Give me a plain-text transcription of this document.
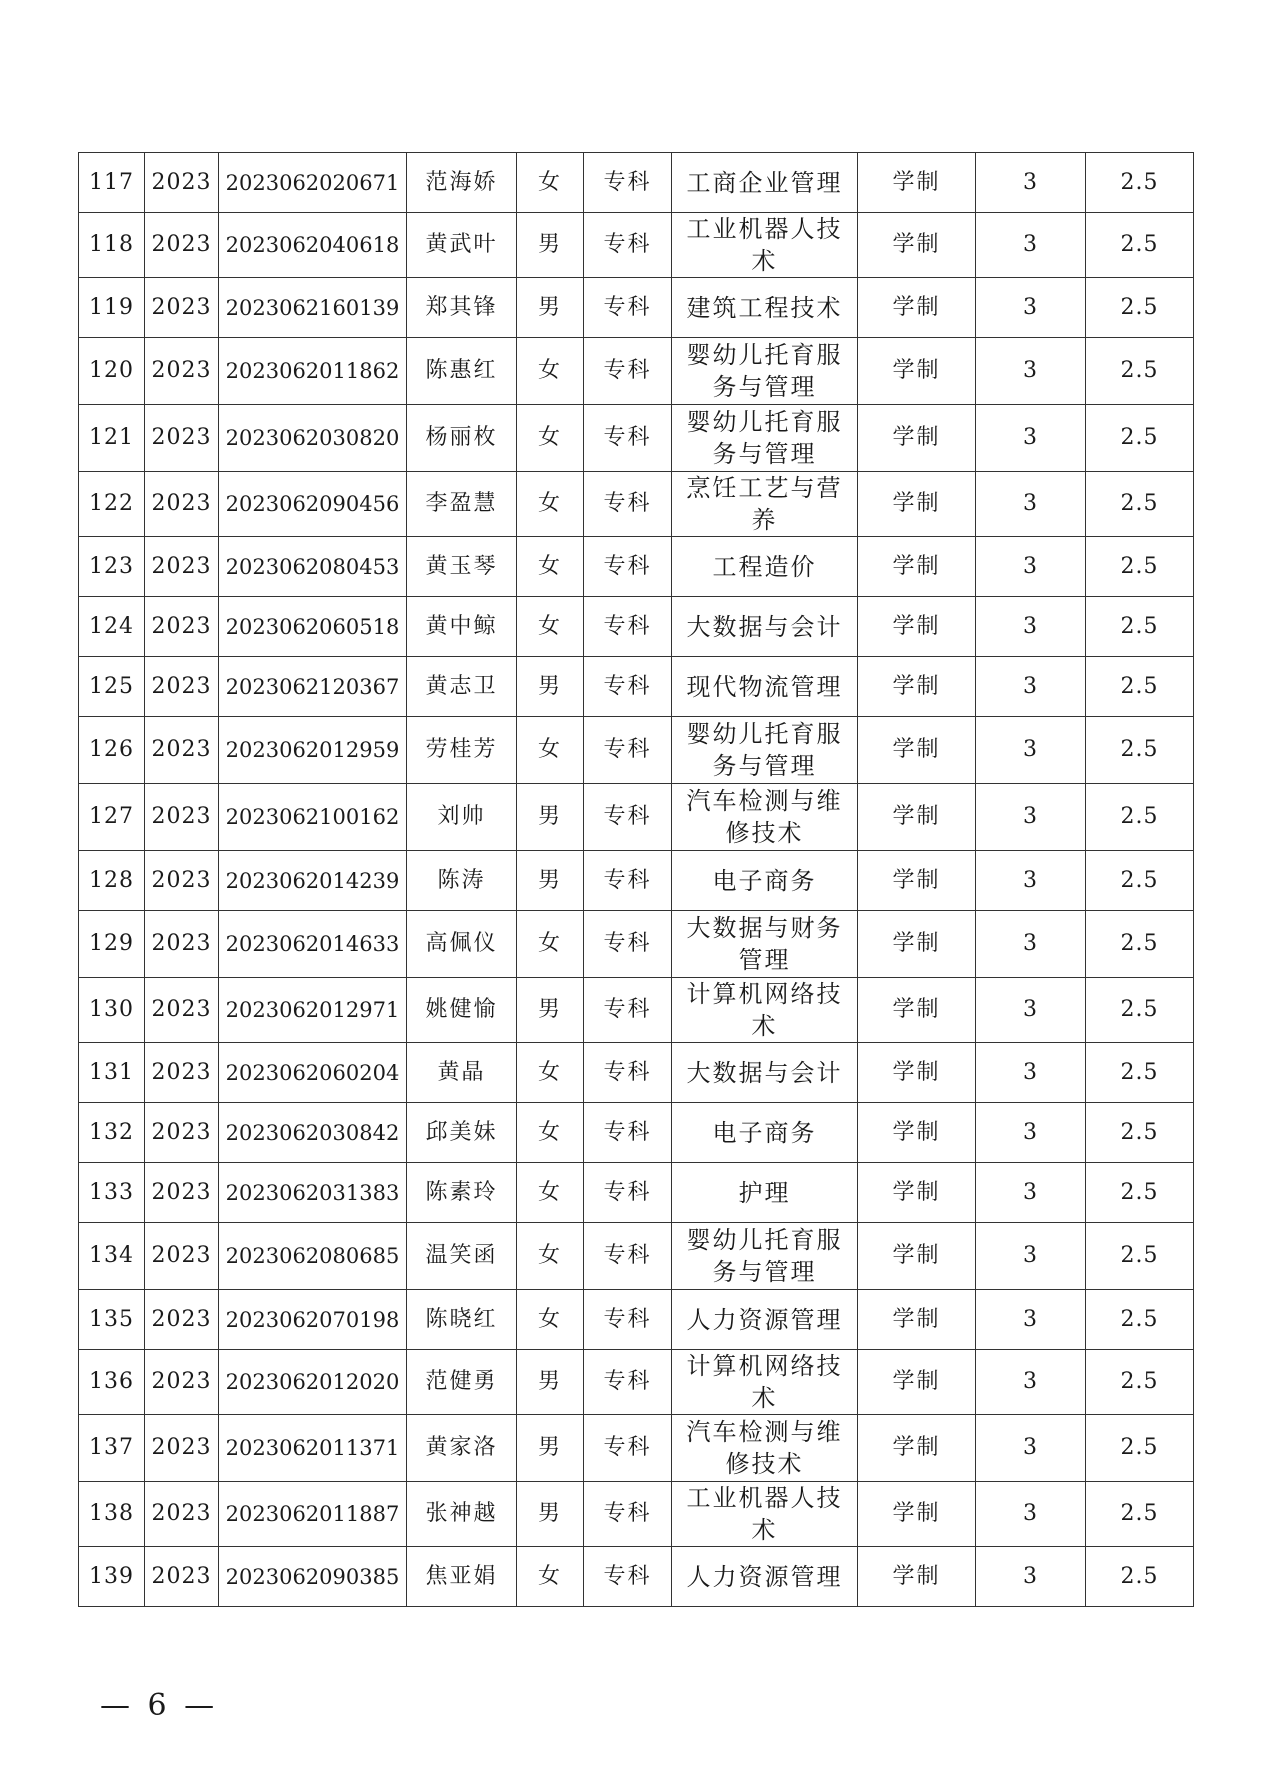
117	2023	2023062020671	范海娇	女	专科	工商企业管理	学制	3	2.5
118	2023	2023062040618	黄武叶	男	专科	工业机器人技术	学制	3	2.5
119	2023	2023062160139	郑其锋	男	专科	建筑工程技术	学制	3	2.5
120	2023	2023062011862	陈惠红	女	专科	婴幼儿托育服务与管理	学制	3	2.5
121	2023	2023062030820	杨丽枚	女	专科	婴幼儿托育服务与管理	学制	3	2.5
122	2023	2023062090456	李盈慧	女	专科	烹饪工艺与营养	学制	3	2.5
123	2023	2023062080453	黄玉琴	女	专科	工程造价	学制	3	2.5
124	2023	2023062060518	黄中鲸	女	专科	大数据与会计	学制	3	2.5
125	2023	2023062120367	黄志卫	男	专科	现代物流管理	学制	3	2.5
126	2023	2023062012959	劳桂芳	女	专科	婴幼儿托育服务与管理	学制	3	2.5
127	2023	2023062100162	刘帅	男	专科	汽车检测与维修技术	学制	3	2.5
128	2023	2023062014239	陈涛	男	专科	电子商务	学制	3	2.5
129	2023	2023062014633	高佩仪	女	专科	大数据与财务管理	学制	3	2.5
130	2023	2023062012971	姚健愉	男	专科	计算机网络技术	学制	3	2.5
131	2023	2023062060204	黄晶	女	专科	大数据与会计	学制	3	2.5
132	2023	2023062030842	邱美妹	女	专科	电子商务	学制	3	2.5
133	2023	2023062031383	陈素玲	女	专科	护理	学制	3	2.5
134	2023	2023062080685	温笑函	女	专科	婴幼儿托育服务与管理	学制	3	2.5
135	2023	2023062070198	陈晓红	女	专科	人力资源管理	学制	3	2.5
136	2023	2023062012020	范健勇	男	专科	计算机网络技术	学制	3	2.5
137	2023	2023062011371	黄家洛	男	专科	汽车检测与维修技术	学制	3	2.5
138	2023	2023062011887	张神越	男	专科	工业机器人技术	学制	3	2.5
139	2023	2023062090385	焦亚娟	女	专科	人力资源管理	学制	3	2.5
— 6 —
